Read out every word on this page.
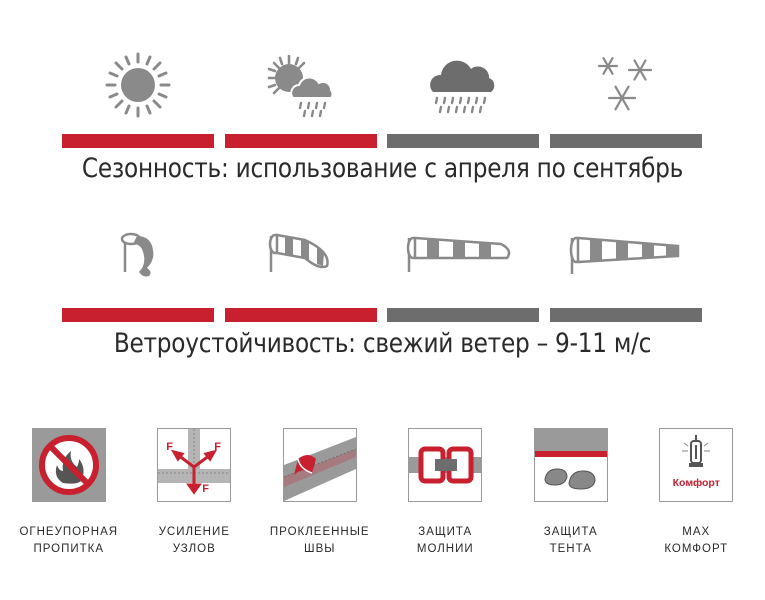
Сезонность: использование с апреля по сентябрь
Ветроустойчивость: свежий ветер – 9-11 м/с
ОГНЕУПОРНАЯ
ПРОПИТКА
F	F
F
УСИЛЕНИЕ
УЗЛОВ
ПРОКЛЕЕННЫЕ
ШВЫ
ЗАЩИТА
МОЛНИИ
ЗАЩИТА
ТЕНТА
Комфорт
MAX
КОМФОРТ
